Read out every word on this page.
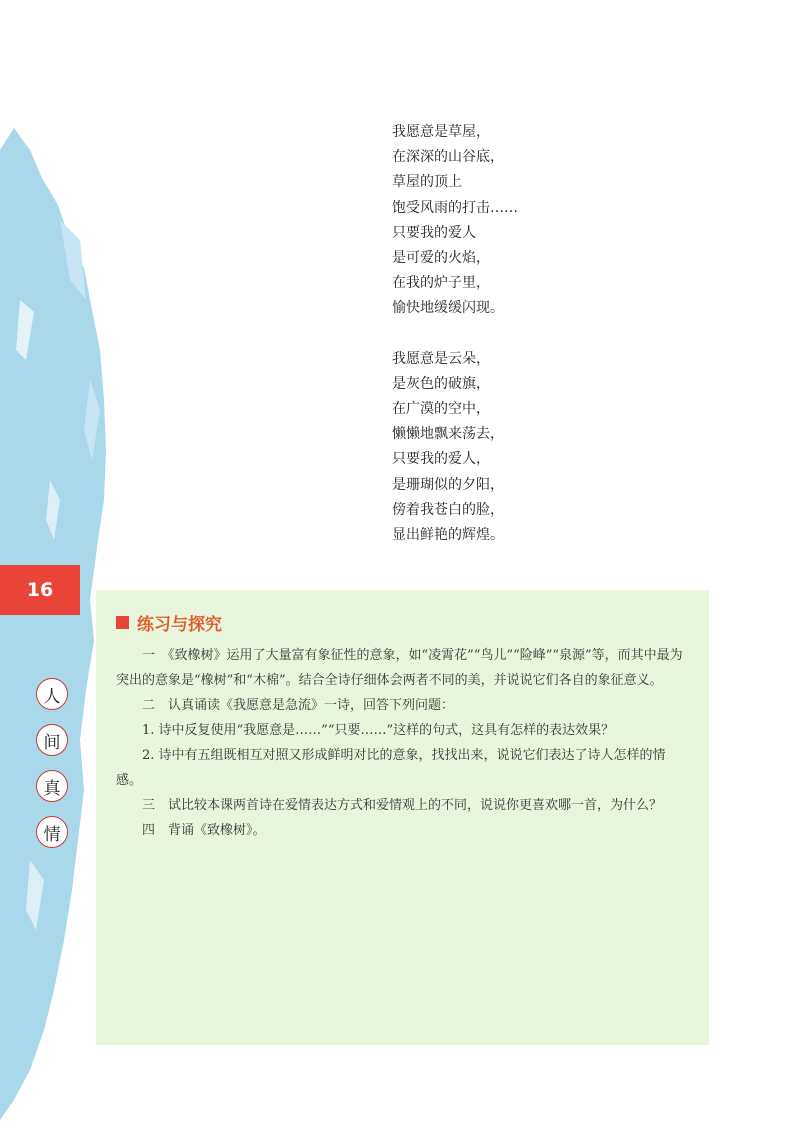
我愿意是草屋，
在深深的山谷底，
草屋的顶上
饱受风雨的打击……
只要我的爱人
是可爱的火焰，
在我的炉子里，
愉快地缓缓闪现。
我愿意是云朵，
是灰色的破旗，
在广漠的空中，
懒懒地飘来荡去，
只要我的爱人，
是珊瑚似的夕阳，
傍着我苍白的脸，
显出鲜艳的辉煌。
16
人
间
真
情
练习与探究

一　《致橡树》运用了大量富有象征性的意象，如“凌霄花”“鸟儿”“险峰”“泉源”等，而其中最为突出的意象是“橡树”和“木棉”。结合全诗仔细体会两者不同的美，并说说它们各自的象征意义。

二　认真诵读《我愿意是急流》一诗，回答下列问题：

1. 诗中反复使用“我愿意是……”“只要……”这样的句式，这具有怎样的表达效果？

2. 诗中有五组既相互对照又形成鲜明对比的意象，找找出来，说说它们表达了诗人怎样的情感。

三　试比较本课两首诗在爱情表达方式和爱情观上的不同，说说你更喜欢哪一首，为什么？

四　背诵《致橡树》。
